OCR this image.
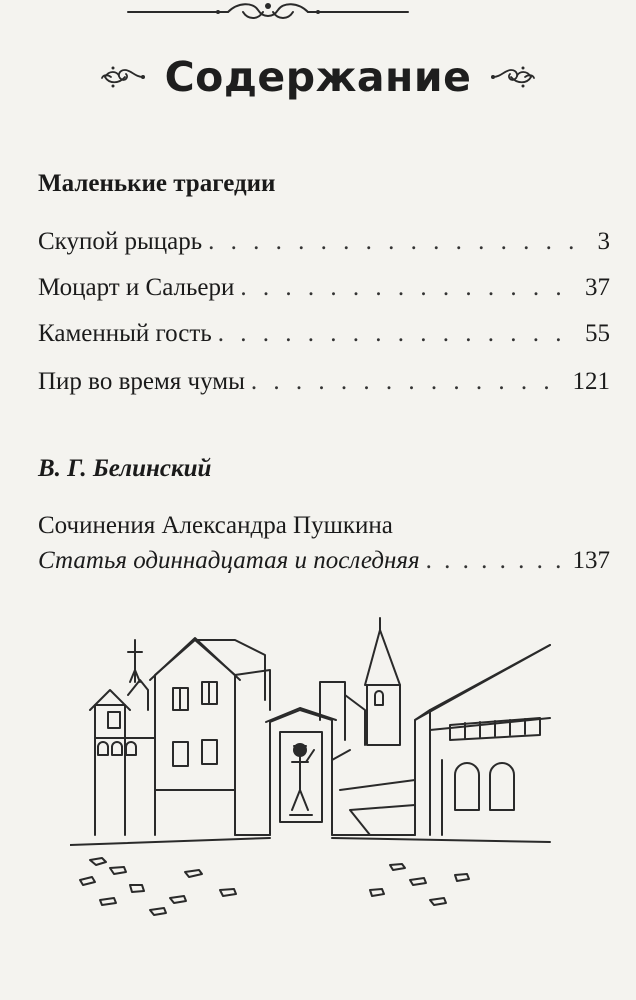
Содержание
Маленькие трагедии
Скупой рыцарь . . .	3
Моцарт и Сальери . . .	37
Каменный гость . . .	55
Пир во время чумы . . .	121
В. Г. Белинский
Сочинения Александра Пушкина
Статья одиннадцатая и последняя . . .	137
